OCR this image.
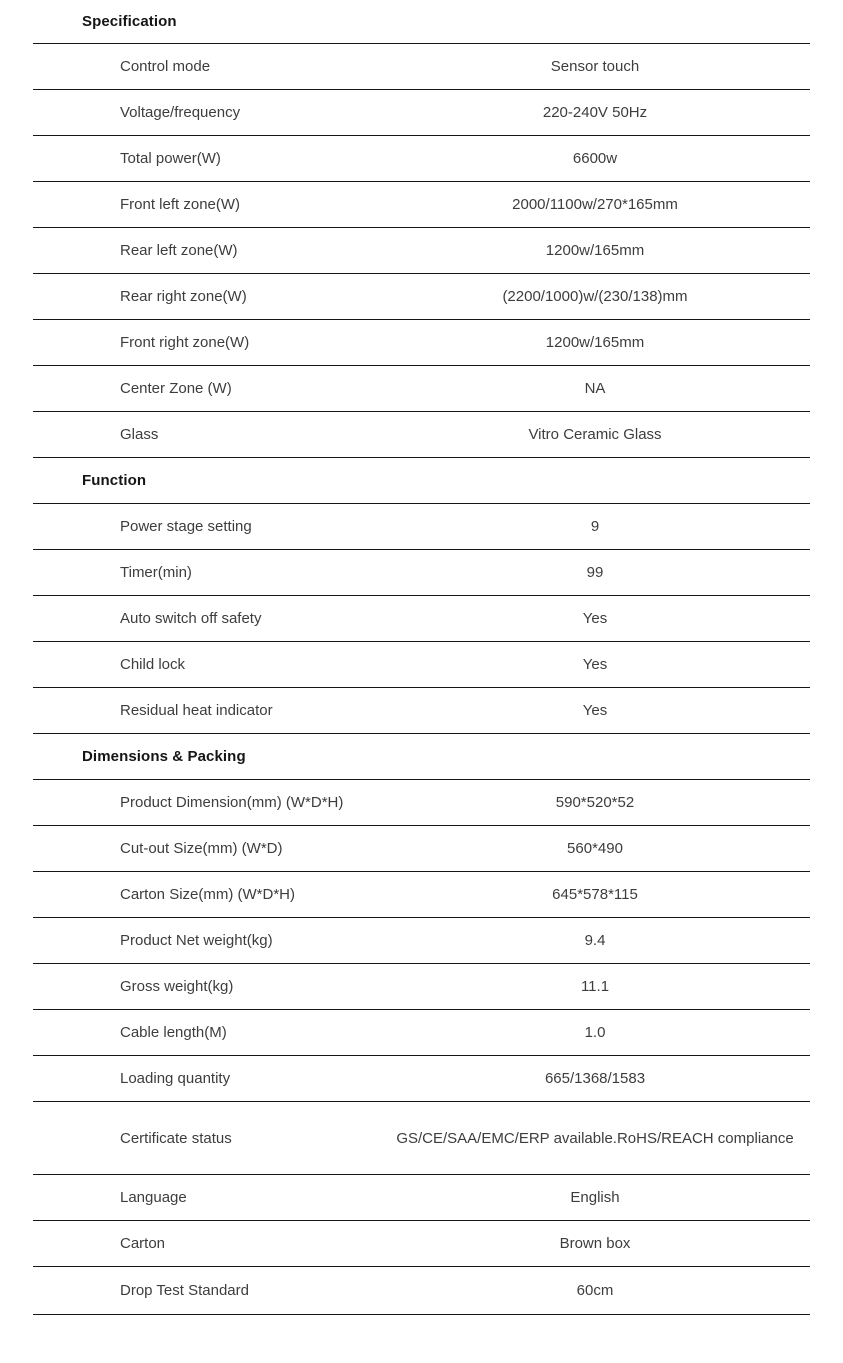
Specification
Control mode	Sensor touch
Voltage/frequency	220-240V 50Hz
Total power(W)	6600w
Front left zone(W)	2000/1100w/270*165mm
Rear left zone(W)	1200w/165mm
Rear right zone(W)	(2200/1000)w/(230/138)mm
Front right zone(W)	1200w/165mm
Center Zone (W)	NA
Glass	Vitro Ceramic Glass
Function
Power stage setting	9
Timer(min)	99
Auto switch off safety	Yes
Child lock	Yes
Residual heat indicator	Yes
Dimensions & Packing
Product Dimension(mm) (W*D*H)	590*520*52
Cut-out Size(mm) (W*D)	560*490
Carton Size(mm) (W*D*H)	645*578*115
Product Net weight(kg)	9.4
Gross weight(kg)	11.1
Cable length(M)	1.0
Loading quantity	665/1368/1583
Certificate status	GS/CE/SAA/EMC/ERP available.RoHS/REACH compliance
Language	English
Carton	Brown box
Drop Test Standard	60cm
